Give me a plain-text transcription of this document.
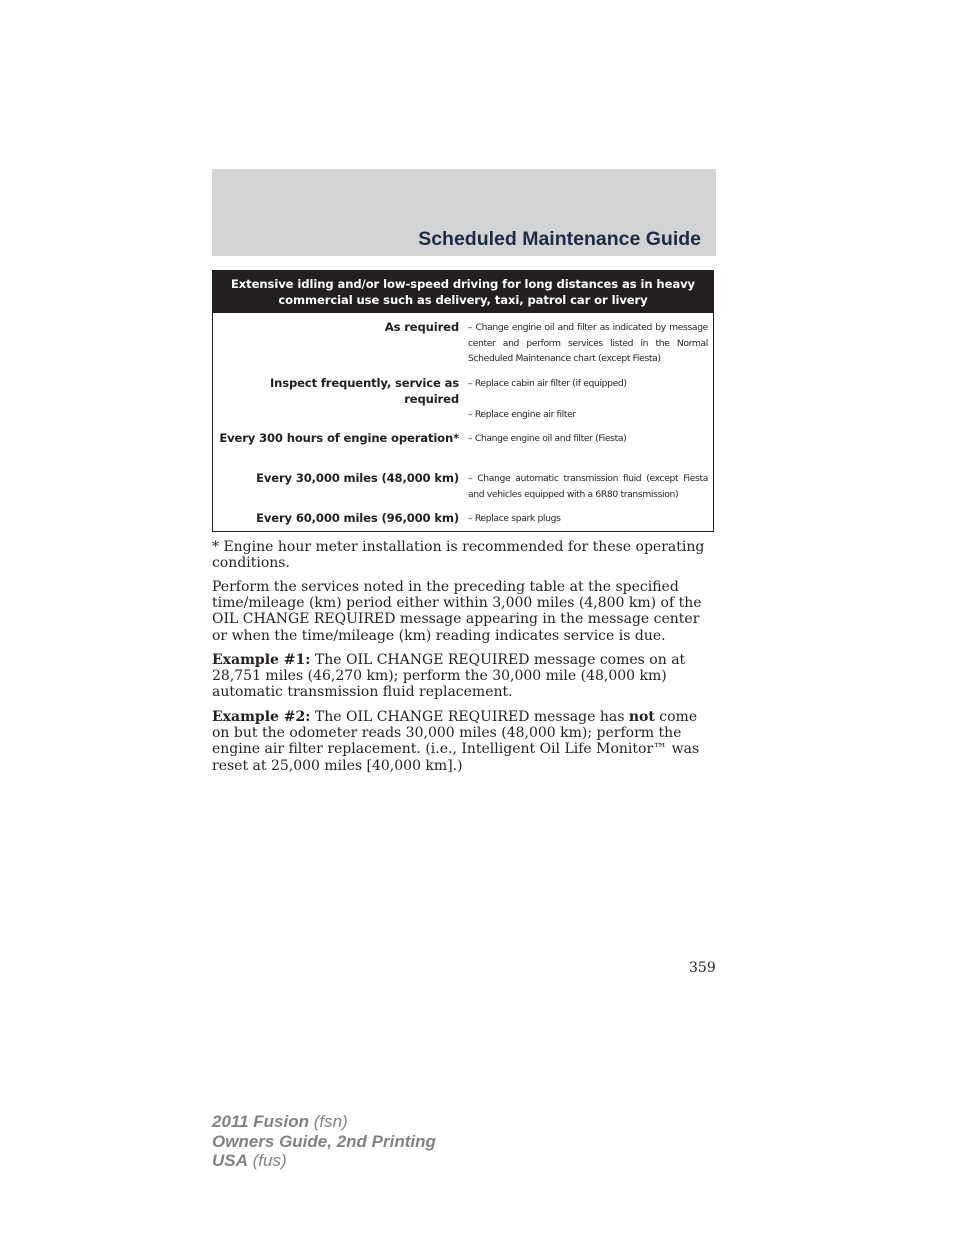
Scheduled Maintenance Guide
Extensive idling and/or low-speed driving for long distances as in heavy
commercial use such as delivery, taxi, patrol car or livery
As required – Change engine oil and filter as indicated by message center and perform services listed in the Normal Scheduled Maintenance chart (except Fiesta)

Inspect frequently, service as required

– Replace cabin air filter (if equipped)

– Replace engine air filter

Every 300 hours of engine operation* – Change engine oil and filter (Fiesta)

Every 30,000 miles (48,000 km) – Change automatic transmission fluid (except Fiesta and vehicles equipped with a 6R80 transmission)

Every 60,000 miles (96,000 km) – Replace spark plugs

* Engine hour meter installation is recommended for these operating conditions.

Perform the services noted in the preceding table at the specified time/mileage (km) period either within 3,000 miles (4,800 km) of the OIL CHANGE REQUIRED message appearing in the message center or when the time/mileage (km) reading indicates service is due.

Example #1: The OIL CHANGE REQUIRED message comes on at 28,751 miles (46,270 km); perform the 30,000 mile (48,000 km) automatic transmission fluid replacement.

Example #2: The OIL CHANGE REQUIRED message has not come on but the odometer reads 30,000 miles (48,000 km); perform the engine air filter replacement. (i.e., Intelligent Oil Life Monitor™ was reset at 25,000 miles [40,000 km].)

359
2011 Fusion (fsn)
Owners Guide, 2nd Printing
USA (fus)
